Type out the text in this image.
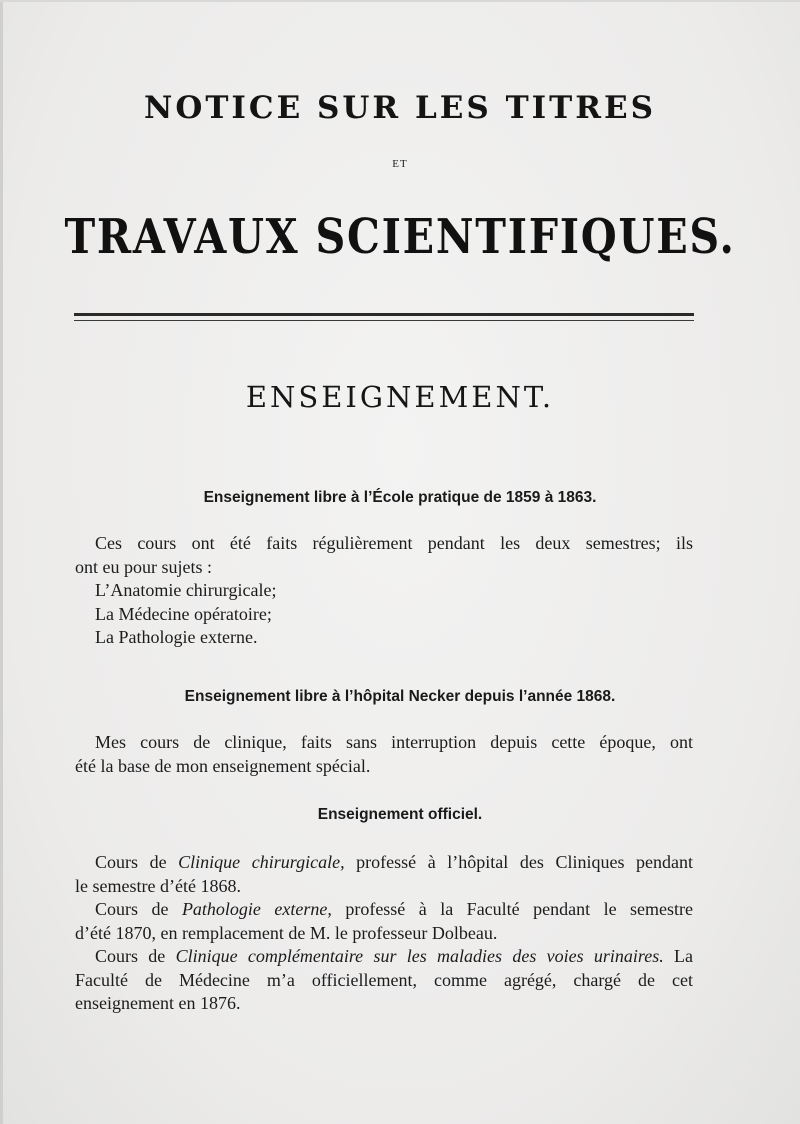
NOTICE SUR LES TITRES
ET
TRAVAUX SCIENTIFIQUES.
ENSEIGNEMENT.
Enseignement libre à l’École pratique de 1859 à 1863.
Ces cours ont été faits régulièrement pendant les deux semestres; ils
ont eu pour sujets :
L’Anatomie chirurgicale;
La Médecine opératoire;
La Pathologie externe.
Enseignement libre à l’hôpital Necker depuis l’année 1868.
Mes cours de clinique, faits sans interruption depuis cette époque, ont
été la base de mon enseignement spécial.
Enseignement officiel.
Cours de Clinique chirurgicale, professé à l’hôpital des Cliniques pendant
le semestre d’été 1868.
Cours de Pathologie externe, professé à la Faculté pendant le semestre
d’été 1870, en remplacement de M. le professeur Dolbeau.
Cours de Clinique complémentaire sur les maladies des voies urinaires. La
Faculté de Médecine m’a officiellement, comme agrégé, chargé de cet
enseignement en 1876.
